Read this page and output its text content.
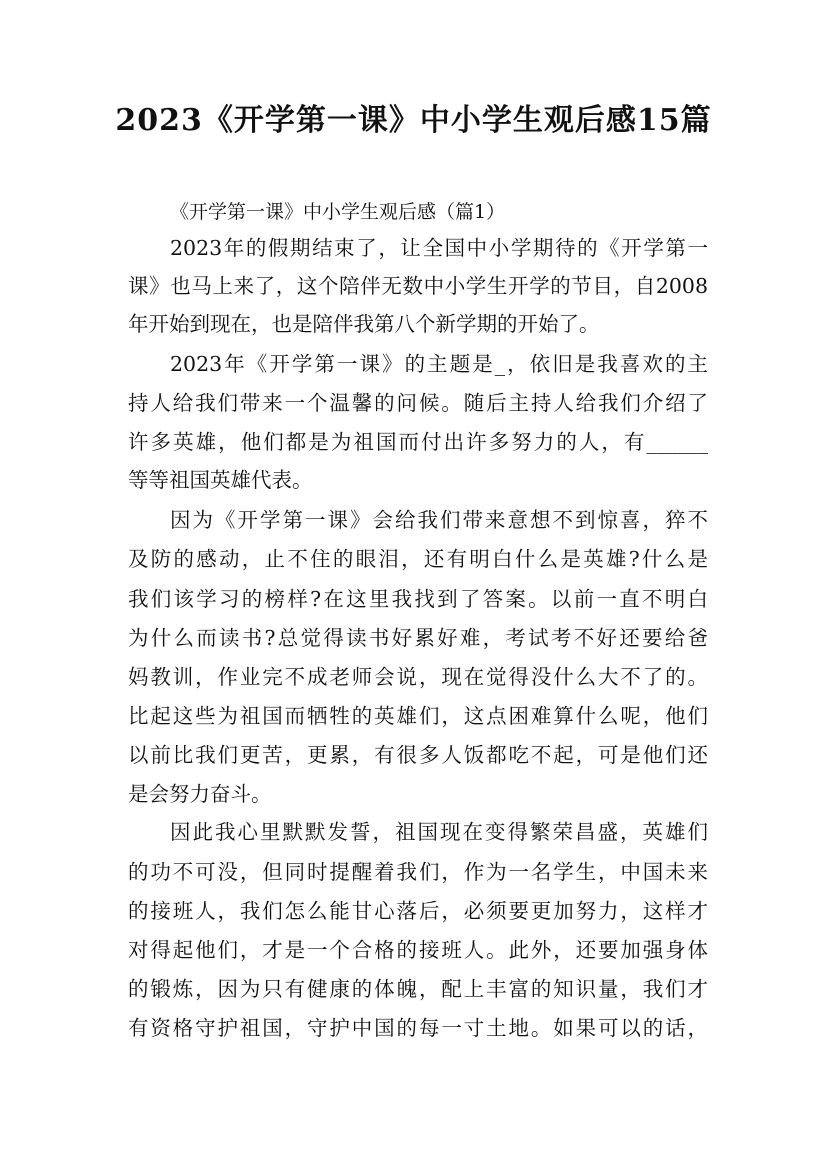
2023《开学第一课》中小学生观后感15篇
《开学第一课》中小学生观后感（篇1）
2023年的假期结束了，让全国中小学期待的《开学第一
课》也马上来了，这个陪伴无数中小学生开学的节目，自2008
年开始到现在，也是陪伴我第八个新学期的开始了。
2023年《开学第一课》的主题是_，依旧是我喜欢的主
持人给我们带来一个温馨的问候。随后主持人给我们介绍了
许多英雄，他们都是为祖国而付出许多努力的人，有______
等等祖国英雄代表。
因为《开学第一课》会给我们带来意想不到惊喜，猝不
及防的感动，止不住的眼泪，还有明白什么是英雄?什么是
我们该学习的榜样?在这里我找到了答案。以前一直不明白
为什么而读书?总觉得读书好累好难，考试考不好还要给爸
妈教训，作业完不成老师会说，现在觉得没什么大不了的。
比起这些为祖国而牺牲的英雄们，这点困难算什么呢，他们
以前比我们更苦，更累，有很多人饭都吃不起，可是他们还
是会努力奋斗。
因此我心里默默发誓，祖国现在变得繁荣昌盛，英雄们
的功不可没，但同时提醒着我们，作为一名学生，中国未来
的接班人，我们怎么能甘心落后，必须要更加努力，这样才
对得起他们，才是一个合格的接班人。此外，还要加强身体
的锻炼，因为只有健康的体魄，配上丰富的知识量，我们才
有资格守护祖国，守护中国的每一寸土地。如果可以的话，
